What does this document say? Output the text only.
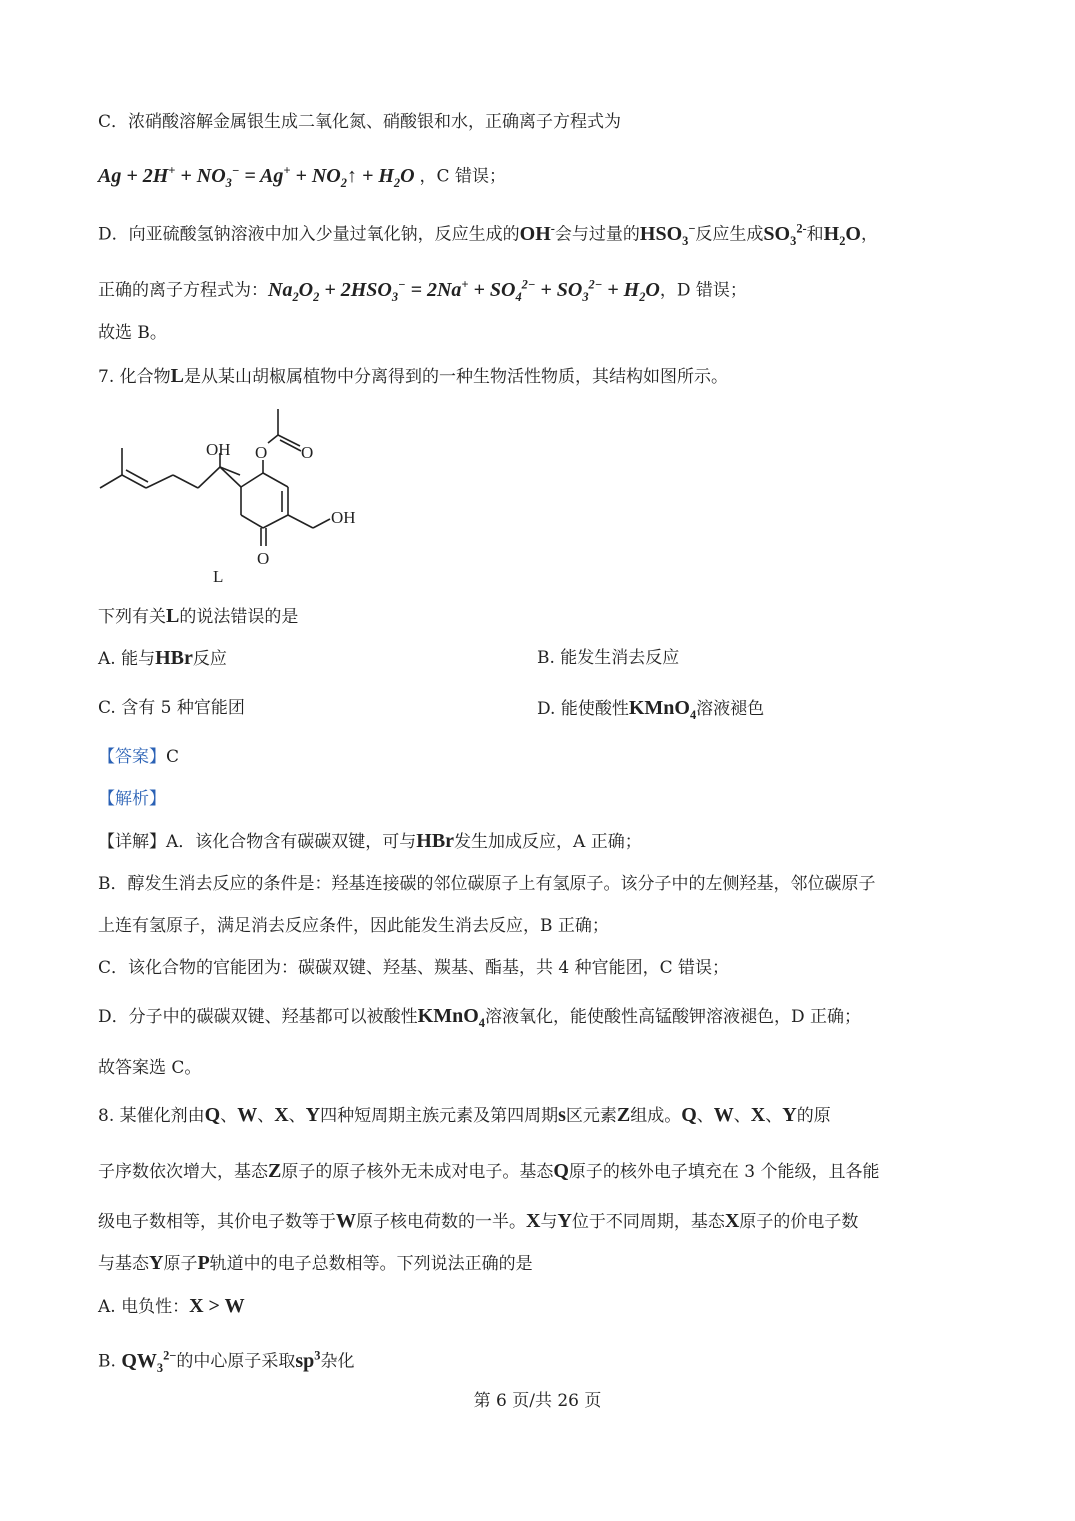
C．浓硝酸溶解金属银生成二氧化氮、硝酸银和水，正确离子方程式为
$Ag + 2H^+ + NO_3^- = Ag^+$ + $NO_2↑ + H_2O$ ，C 错误；
D．向亚硫酸氢钠溶液中加入少量过氧化钠，反应生成的OH-会与过量的$HSO_3^-$反应生成$SO_3^{2-}$和$H_2O$，
正确的离子方程式为：$Na_2O_2 + 2HSO_3^- = 2Na^+ + SO_4^{2-} + SO_3^{2-} + H_2O$，D 错误；
故选 B。
7. 化合物L是从某山胡椒属植物中分离得到的一种生物活性物质，其结构如图所示。
OH O O
OH
O
L
下列有关L的说法错误的是
A. 能与HBr反应	B. 能发生消去反应
C. 含有 5 种官能团	D. 能使酸性KMnO$_4$溶液褪色
【答案】C
【解析】
【详解】A．该化合物含有碳碳双键，可与HBr发生加成反应，A 正确；
B．醇发生消去反应的条件是：羟基连接碳的邻位碳原子上有氢原子。该分子中的左侧羟基，邻位碳原子
上连有氢原子，满足消去反应条件，因此能发生消去反应，B 正确；
C．该化合物的官能团为：碳碳双键、羟基、羰基、酯基，共 4 种官能团，C 错误；
D．分子中的碳碳双键、羟基都可以被酸性KMnO$_4$溶液氧化，能使酸性高锰酸钾溶液褪色，D 正确；
故答案选 C。
8. 某催化剂由Q、W、X、Y四种短周期主族元素及第四周期s区元素Z组成。Q、W、X、Y的原
子序数依次增大，基态Z原子的原子核外无未成对电子。基态Q原子的核外电子填充在 3 个能级，且各能
级电子数相等，其价电子数等于W原子核电荷数的一半。X与Y位于不同周期，基态X原子的价电子数
与基态Y原子P轨道中的电子总数相等。下列说法正确的是
A. 电负性：X > W
B. $QW_3^{2-}$的中心原子采取$sp^3$杂化
第 6 页/共 26 页
